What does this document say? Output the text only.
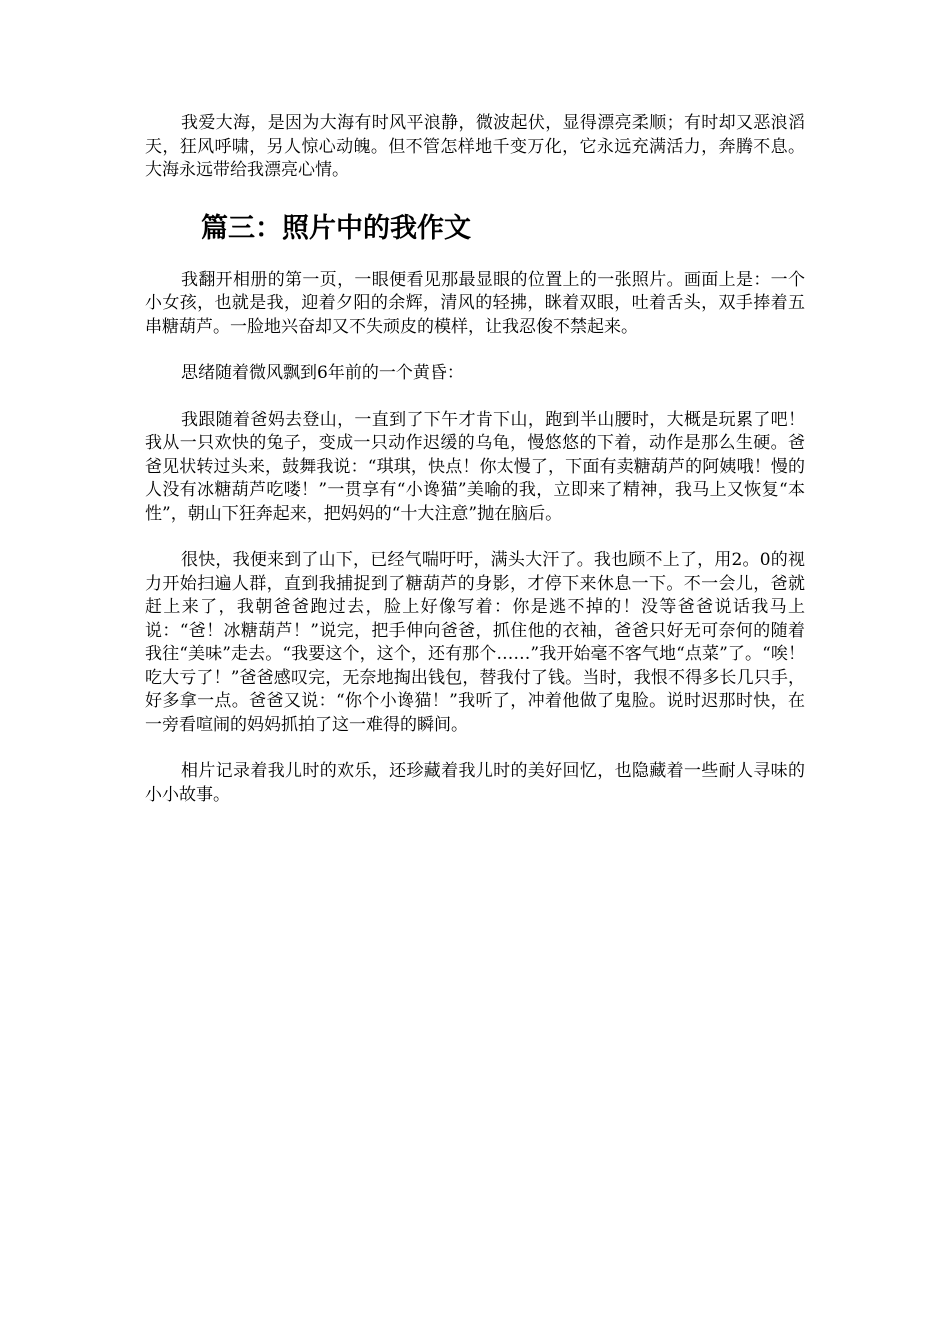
我爱大海，是因为大海有时风平浪静，微波起伏，显得漂亮柔顺；有时却又恶浪滔天，狂风呼啸，另人惊心动魄。但不管怎样地千变万化，它永远充满活力，奔腾不息。大海永远带给我漂亮心情。

篇三：照片中的我作文

我翻开相册的第一页，一眼便看见那最显眼的位置上的一张照片。画面上是：一个小女孩，也就是我，迎着夕阳的余辉，清风的轻拂，眯着双眼，吐着舌头，双手捧着五串糖葫芦。一脸地兴奋却又不失顽皮的模样，让我忍俊不禁起来。

思绪随着微风飘到6年前的一个黄昏：

我跟随着爸妈去登山，一直到了下午才肯下山，跑到半山腰时，大概是玩累了吧！我从一只欢快的兔子，变成一只动作迟缓的乌龟，慢悠悠的下着，动作是那么生硬。爸爸见状转过头来，鼓舞我说：“琪琪，快点！你太慢了，下面有卖糖葫芦的阿姨哦！慢的人没有冰糖葫芦吃喽！”一贯享有“小谗猫”美喻的我，立即来了精神，我马上又恢复“本性”，朝山下狂奔起来，把妈妈的“十大注意”抛在脑后。

很快，我便来到了山下，已经气喘吁吁，满头大汗了。我也顾不上了，用2。0的视力开始扫遍人群，直到我捕捉到了糖葫芦的身影，才停下来休息一下。不一会儿，爸就赶上来了，我朝爸爸跑过去，脸上好像写着：你是逃不掉的！没等爸爸说话我马上说：“爸！冰糖葫芦！”说完，把手伸向爸爸，抓住他的衣袖，爸爸只好无可奈何的随着我往“美味”走去。“我要这个，这个，还有那个……”我开始毫不客气地“点菜”了。“唉！吃大亏了！”爸爸感叹完，无奈地掏出钱包，替我付了钱。当时，我恨不得多长几只手，好多拿一点。爸爸又说：“你个小谗猫！”我听了，冲着他做了鬼脸。说时迟那时快，在一旁看喧闹的妈妈抓拍了这一难得的瞬间。

相片记录着我儿时的欢乐，还珍藏着我儿时的美好回忆，也隐藏着一些耐人寻味的小小故事。
